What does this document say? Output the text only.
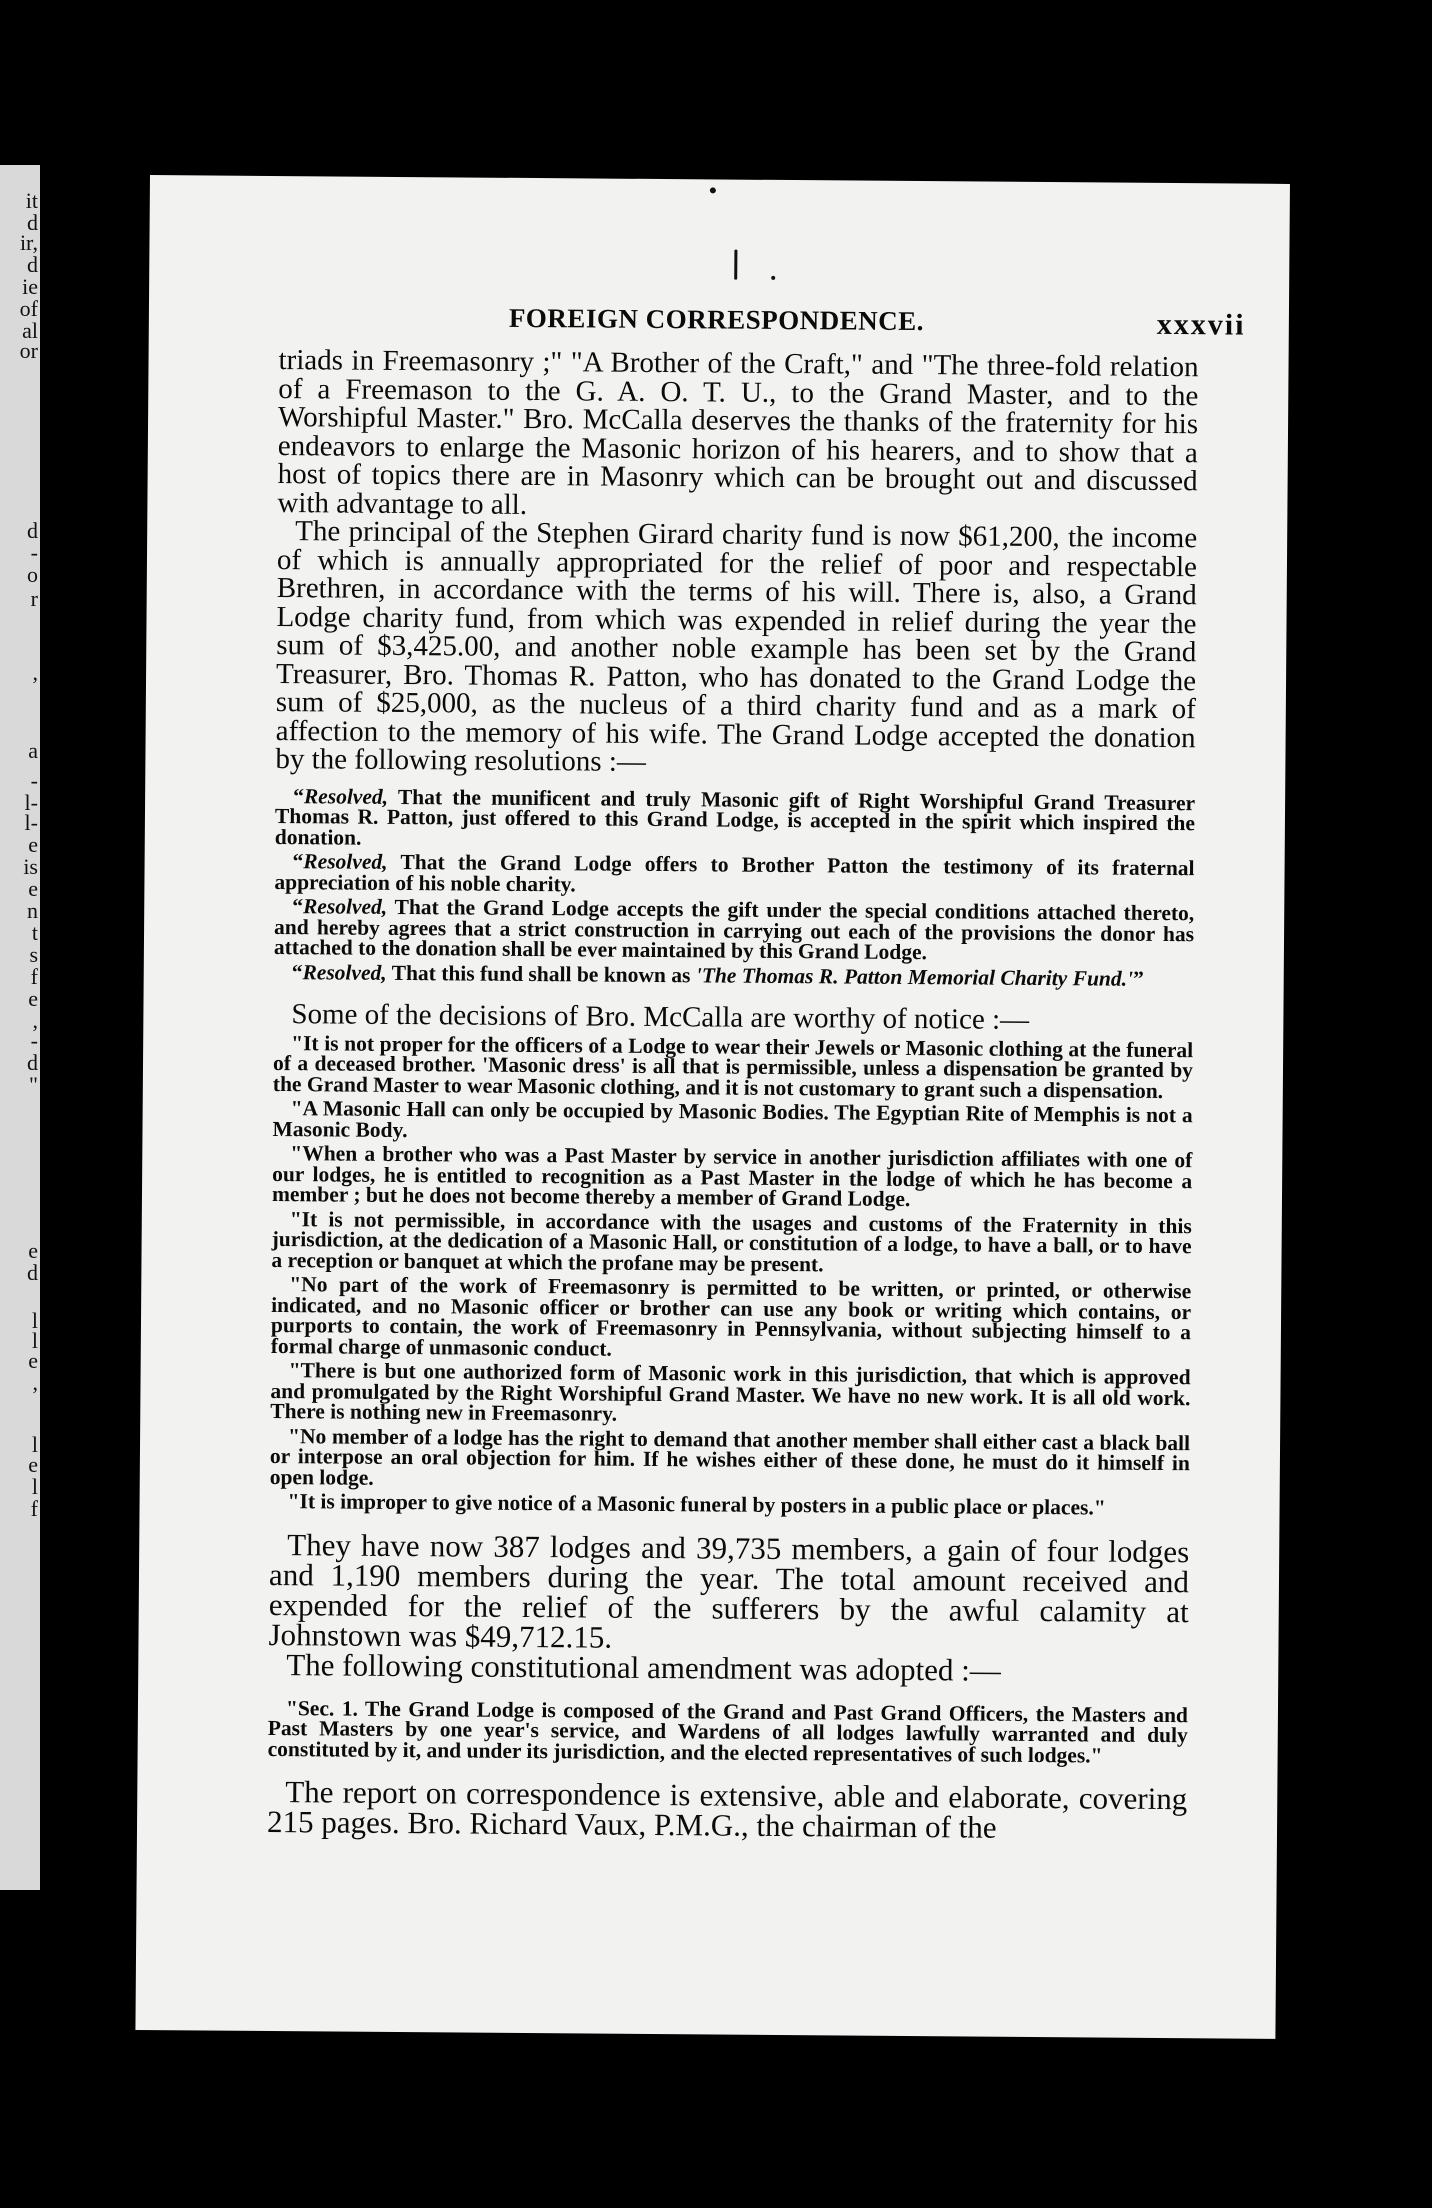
it
d
ir,
d
ie
of
al
or
d
-
o
r
,
a
-
l-
l-
e
is
e
n
t
s
f
e
,
-
d
"
e
d
l
l
e
,
l
e
l
f
FOREIGN CORRESPONDENCE.	xxxvii

triads in Freemasonry ;" "A Brother of the Craft," and "The three-fold relation of a Freemason to the G. A. O. T. U., to the Grand Master, and to the Worshipful Master." Bro. McCalla deserves the thanks of the fraternity for his endeavors to enlarge the Masonic horizon of his hearers, and to show that a host of topics there are in Masonry which can be brought out and discussed with advantage to all.

The principal of the Stephen Girard charity fund is now $61,200, the income of which is annually appropriated for the relief of poor and respectable Brethren, in accordance with the terms of his will. There is, also, a Grand Lodge charity fund, from which was expended in relief during the year the sum of $3,425.00, and another noble example has been set by the Grand Treasurer, Bro. Thomas R. Patton, who has donated to the Grand Lodge the sum of $25,000, as the nucleus of a third charity fund and as a mark of affection to the memory of his wife. The Grand Lodge accepted the donation by the following resolutions :—

“Resolved, That the munificent and truly Masonic gift of Right Worshipful Grand Treasurer Thomas R. Patton, just offered to this Grand Lodge, is accepted in the spirit which inspired the donation.

“Resolved, That the Grand Lodge offers to Brother Patton the testimony of its fraternal appreciation of his noble charity.

“Resolved, That the Grand Lodge accepts the gift under the special conditions attached thereto, and hereby agrees that a strict construction in carrying out each of the provisions the donor has attached to the donation shall be ever maintained by this Grand Lodge.

“Resolved, That this fund shall be known as 'The Thomas R. Patton Memorial Charity Fund.'”

Some of the decisions of Bro. McCalla are worthy of notice :—

"It is not proper for the officers of a Lodge to wear their Jewels or Masonic clothing at the funeral of a deceased brother. 'Masonic dress' is all that is permissible, unless a dispensation be granted by the Grand Master to wear Masonic clothing, and it is not customary to grant such a dispensation.

"A Masonic Hall can only be occupied by Masonic Bodies. The Egyptian Rite of Memphis is not a Masonic Body.

"When a brother who was a Past Master by service in another jurisdiction affiliates with one of our lodges, he is entitled to recognition as a Past Master in the lodge of which he has become a member ; but he does not become thereby a member of Grand Lodge.

"It is not permissible, in accordance with the usages and customs of the Fraternity in this jurisdiction, at the dedication of a Masonic Hall, or constitution of a lodge, to have a ball, or to have a reception or banquet at which the profane may be present.

"No part of the work of Freemasonry is permitted to be written, or printed, or otherwise indicated, and no Masonic officer or brother can use any book or writing which contains, or purports to contain, the work of Freemasonry in Pennsylvania, without subjecting himself to a formal charge of unmasonic conduct.

"There is but one authorized form of Masonic work in this jurisdiction, that which is approved and promulgated by the Right Worshipful Grand Master. We have no new work. It is all old work. There is nothing new in Freemasonry.

"No member of a lodge has the right to demand that another member shall either cast a black ball or interpose an oral objection for him. If he wishes either of these done, he must do it himself in open lodge.

"It is improper to give notice of a Masonic funeral by posters in a public place or places."

They have now 387 lodges and 39,735 members, a gain of four lodges and 1,190 members during the year. The total amount received and expended for the relief of the sufferers by the awful calamity at Johnstown was $49,712.15.

The following constitutional amendment was adopted :—

"Sec. 1. The Grand Lodge is composed of the Grand and Past Grand Officers, the Masters and Past Masters by one year's service, and Wardens of all lodges lawfully warranted and duly constituted by it, and under its jurisdiction, and the elected representatives of such lodges."

The report on correspondence is extensive, able and elaborate, covering 215 pages. Bro. Richard Vaux, P.M.G., the chairman of the
